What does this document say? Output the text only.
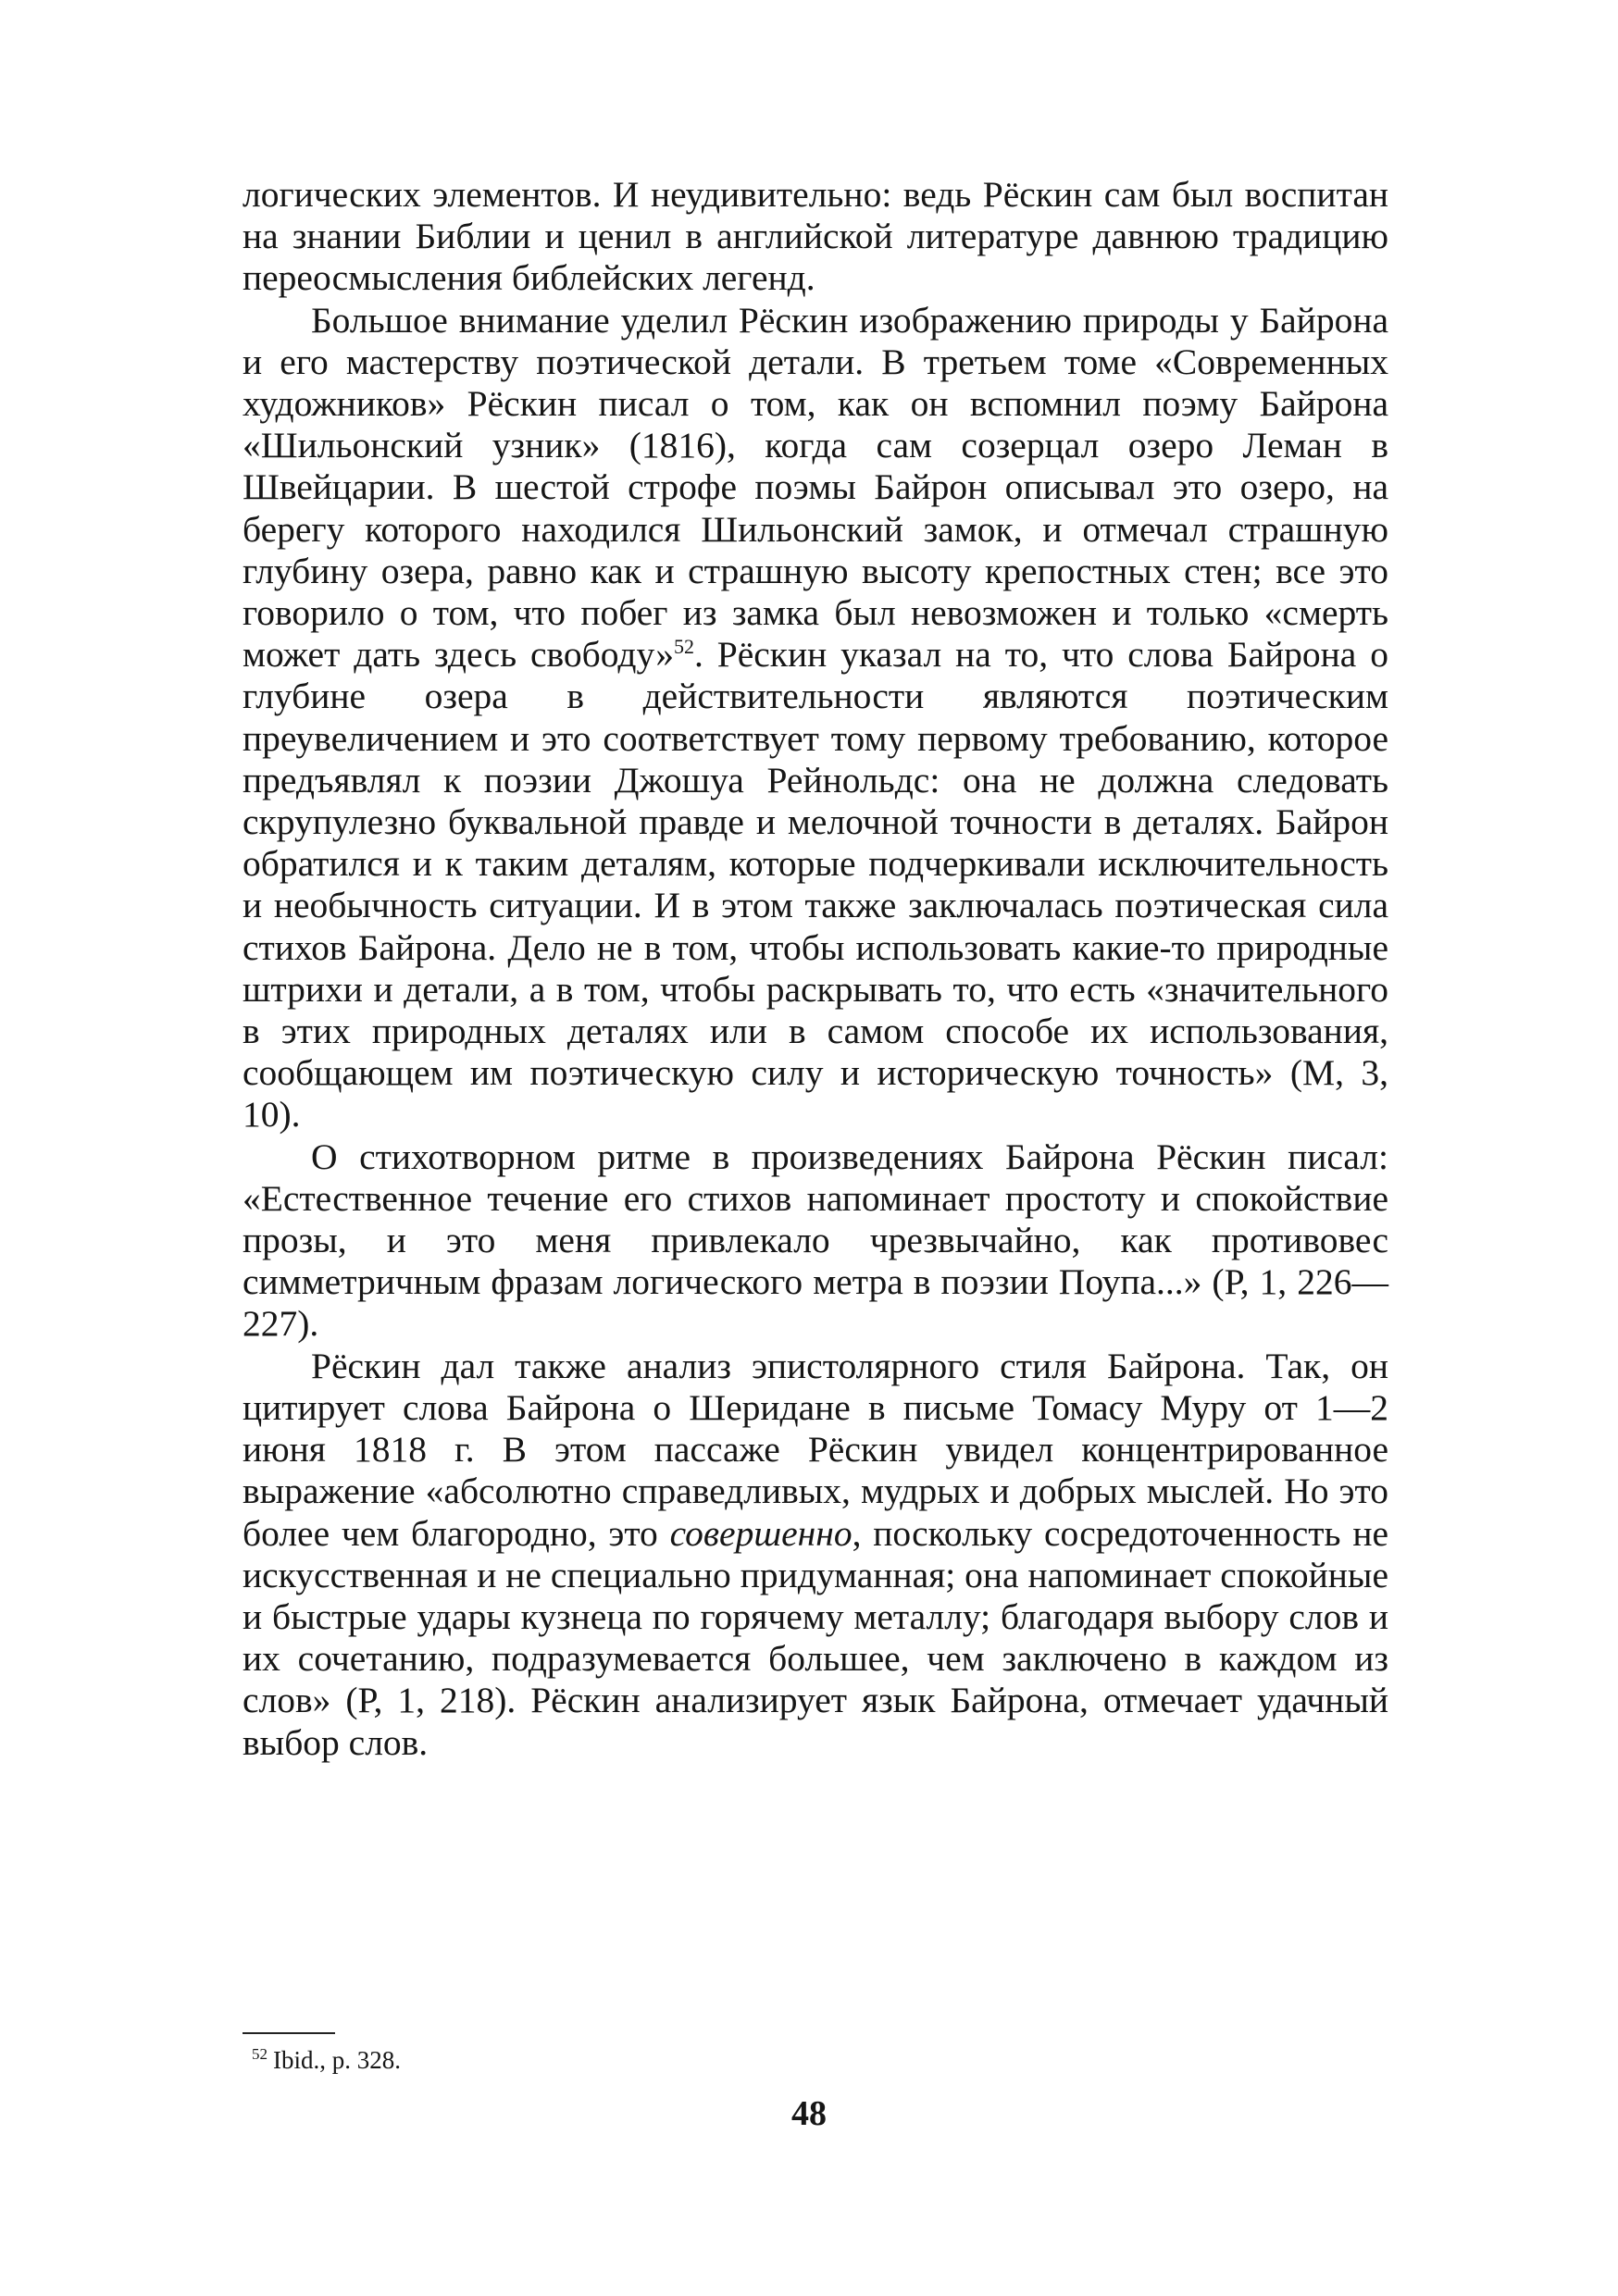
логических элементов. И неудивительно: ведь Рёскин сам был воспитан на знании Библии и ценил в английской литературе давнюю традицию переосмысления библейских легенд.

Большое внимание уделил Рёскин изображению природы у Байрона и его мастерству поэтической детали. В третьем томе «Современных художников» Рёскин писал о том, как он вспомнил поэму Байрона «Шильонский узник» (1816), когда сам созерцал озеро Леман в Швейцарии. В шестой строфе поэмы Байрон описывал это озеро, на берегу которого находился Шильонский замок, и отмечал страшную глубину озера, равно как и страшную высоту крепостных стен; все это говорило о том, что побег из замка был невозможен и только «смерть может дать здесь свободу»$^{52}$. Рёскин указал на то, что слова Байрона о глубине озера в действительности являются поэтическим преувеличением и это соответствует тому первому требованию, которое предъявлял к поэзии Джошуа Рейнольдс: она не должна следовать скрупулезно буквальной правде и мелочной точности в деталях. Байрон обратился и к таким деталям, которые подчеркивали исключительность и необычность ситуации. И в этом также заключалась поэтическая сила стихов Байрона. Дело не в том, чтобы использовать какие-то природные штрихи и детали, а в том, чтобы раскрывать то, что есть «значительного в этих природных деталях или в самом способе их использования, сообщающем им поэтическую силу и историческую точность» (М, 3, 10).

О стихотворном ритме в произведениях Байрона Рёскин писал: «Естественное течение его стихов напоминает простоту и спокойствие прозы, и это меня привлекало чрезвычайно, как противовес симметричным фразам логического метра в поэзии Поупа...» (Р, 1, 226—227).

Рёскин дал также анализ эпистолярного стиля Байрона. Так, он цитирует слова Байрона о Шеридане в письме Томасу Муру от 1—2 июня 1818 г. В этом пассаже Рёскин увидел концентрированное выражение «абсолютно справедливых, мудрых и добрых мыслей. Но это более чем благородно, это совершенно, поскольку сосредоточенность не искусственная и не специально придуманная; она напоминает спокойные и быстрые удары кузнеца по горячему металлу; благодаря выбору слов и их сочетанию, подразумевается большее, чем заключено в каждом из слов» (Р, 1, 218). Рёскин анализирует язык Байрона, отмечает удачный выбор слов.

$^{52}$ Ibid., p. 328.
48
